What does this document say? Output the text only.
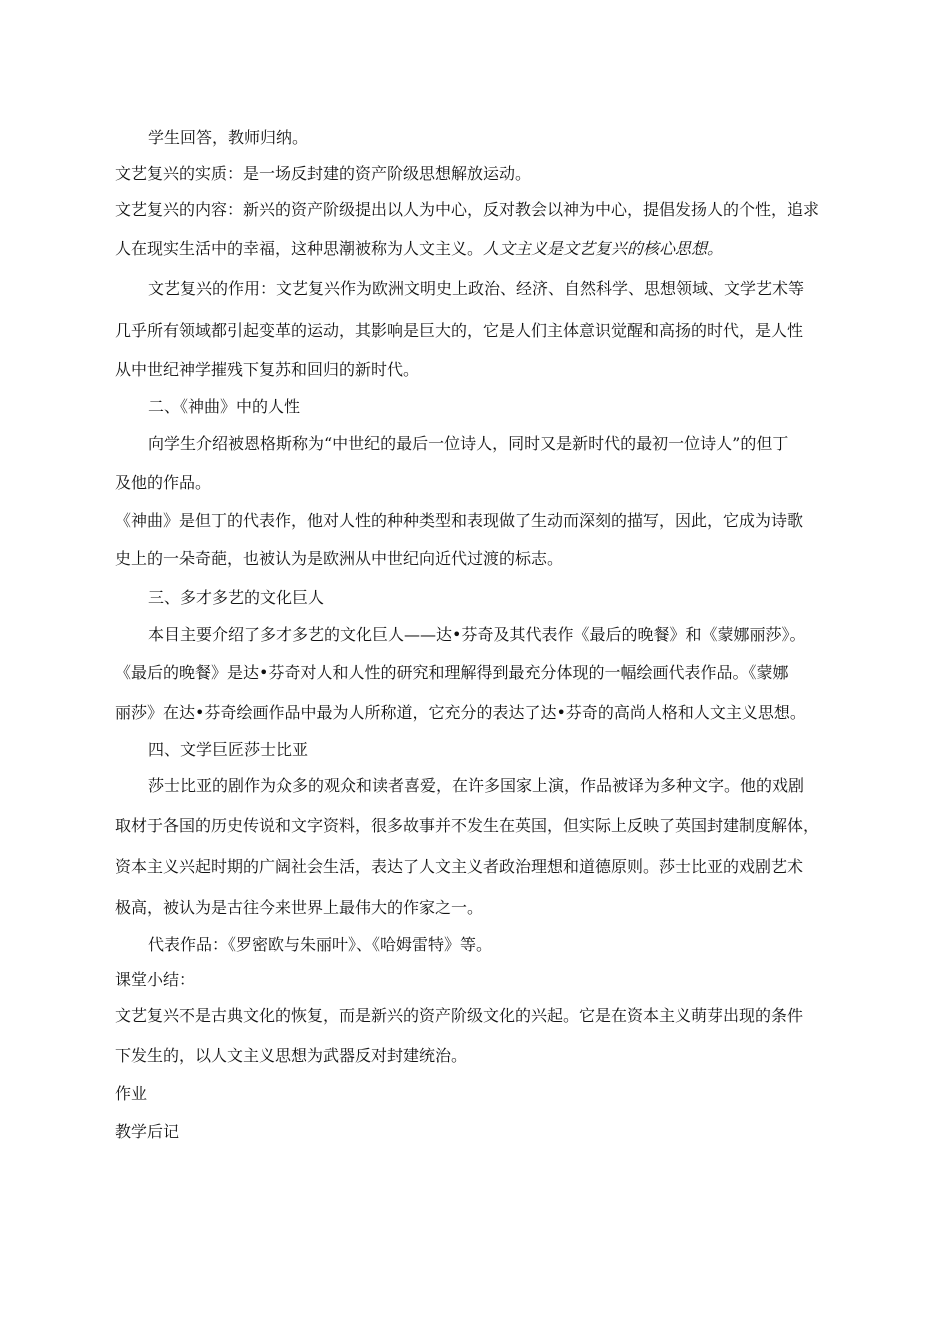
学生回答，教师归纳。
文艺复兴的实质：是一场反封建的资产阶级思想解放运动。
文艺复兴的内容：新兴的资产阶级提出以人为中心，反对教会以神为中心，提倡发扬人的个性，追求
人在现实生活中的幸福，这种思潮被称为人文主义。人文主义是文艺复兴的核心思想。
文艺复兴的作用：文艺复兴作为欧洲文明史上政治、经济、自然科学、思想领域、文学艺术等
几乎所有领域都引起变革的运动，其影响是巨大的，它是人们主体意识觉醒和高扬的时代，是人性
从中世纪神学摧残下复苏和回归的新时代。
二、《神曲》中的人性
向学生介绍被恩格斯称为“中世纪的最后一位诗人，同时又是新时代的最初一位诗人”的但丁
及他的作品。
《神曲》是但丁的代表作，他对人性的种种类型和表现做了生动而深刻的描写，因此，它成为诗歌
史上的一朵奇葩，也被认为是欧洲从中世纪向近代过渡的标志。
三、多才多艺的文化巨人
本目主要介绍了多才多艺的文化巨人——达•芬奇及其代表作《最后的晚餐》和《蒙娜丽莎》。
《最后的晚餐》是达•芬奇对人和人性的研究和理解得到最充分体现的一幅绘画代表作品。《蒙娜
丽莎》在达•芬奇绘画作品中最为人所称道，它充分的表达了达•芬奇的高尚人格和人文主义思想。
四、文学巨匠莎士比亚
莎士比亚的剧作为众多的观众和读者喜爱，在许多国家上演，作品被译为多种文字。他的戏剧
取材于各国的历史传说和文字资料，很多故事并不发生在英国，但实际上反映了英国封建制度解体，
资本主义兴起时期的广阔社会生活，表达了人文主义者政治理想和道德原则。莎士比亚的戏剧艺术
极高，被认为是古往今来世界上最伟大的作家之一。
代表作品：《罗密欧与朱丽叶》、《哈姆雷特》等。
课堂小结：
文艺复兴不是古典文化的恢复，而是新兴的资产阶级文化的兴起。它是在资本主义萌芽出现的条件
下发生的，以人文主义思想为武器反对封建统治。
作业
教学后记
